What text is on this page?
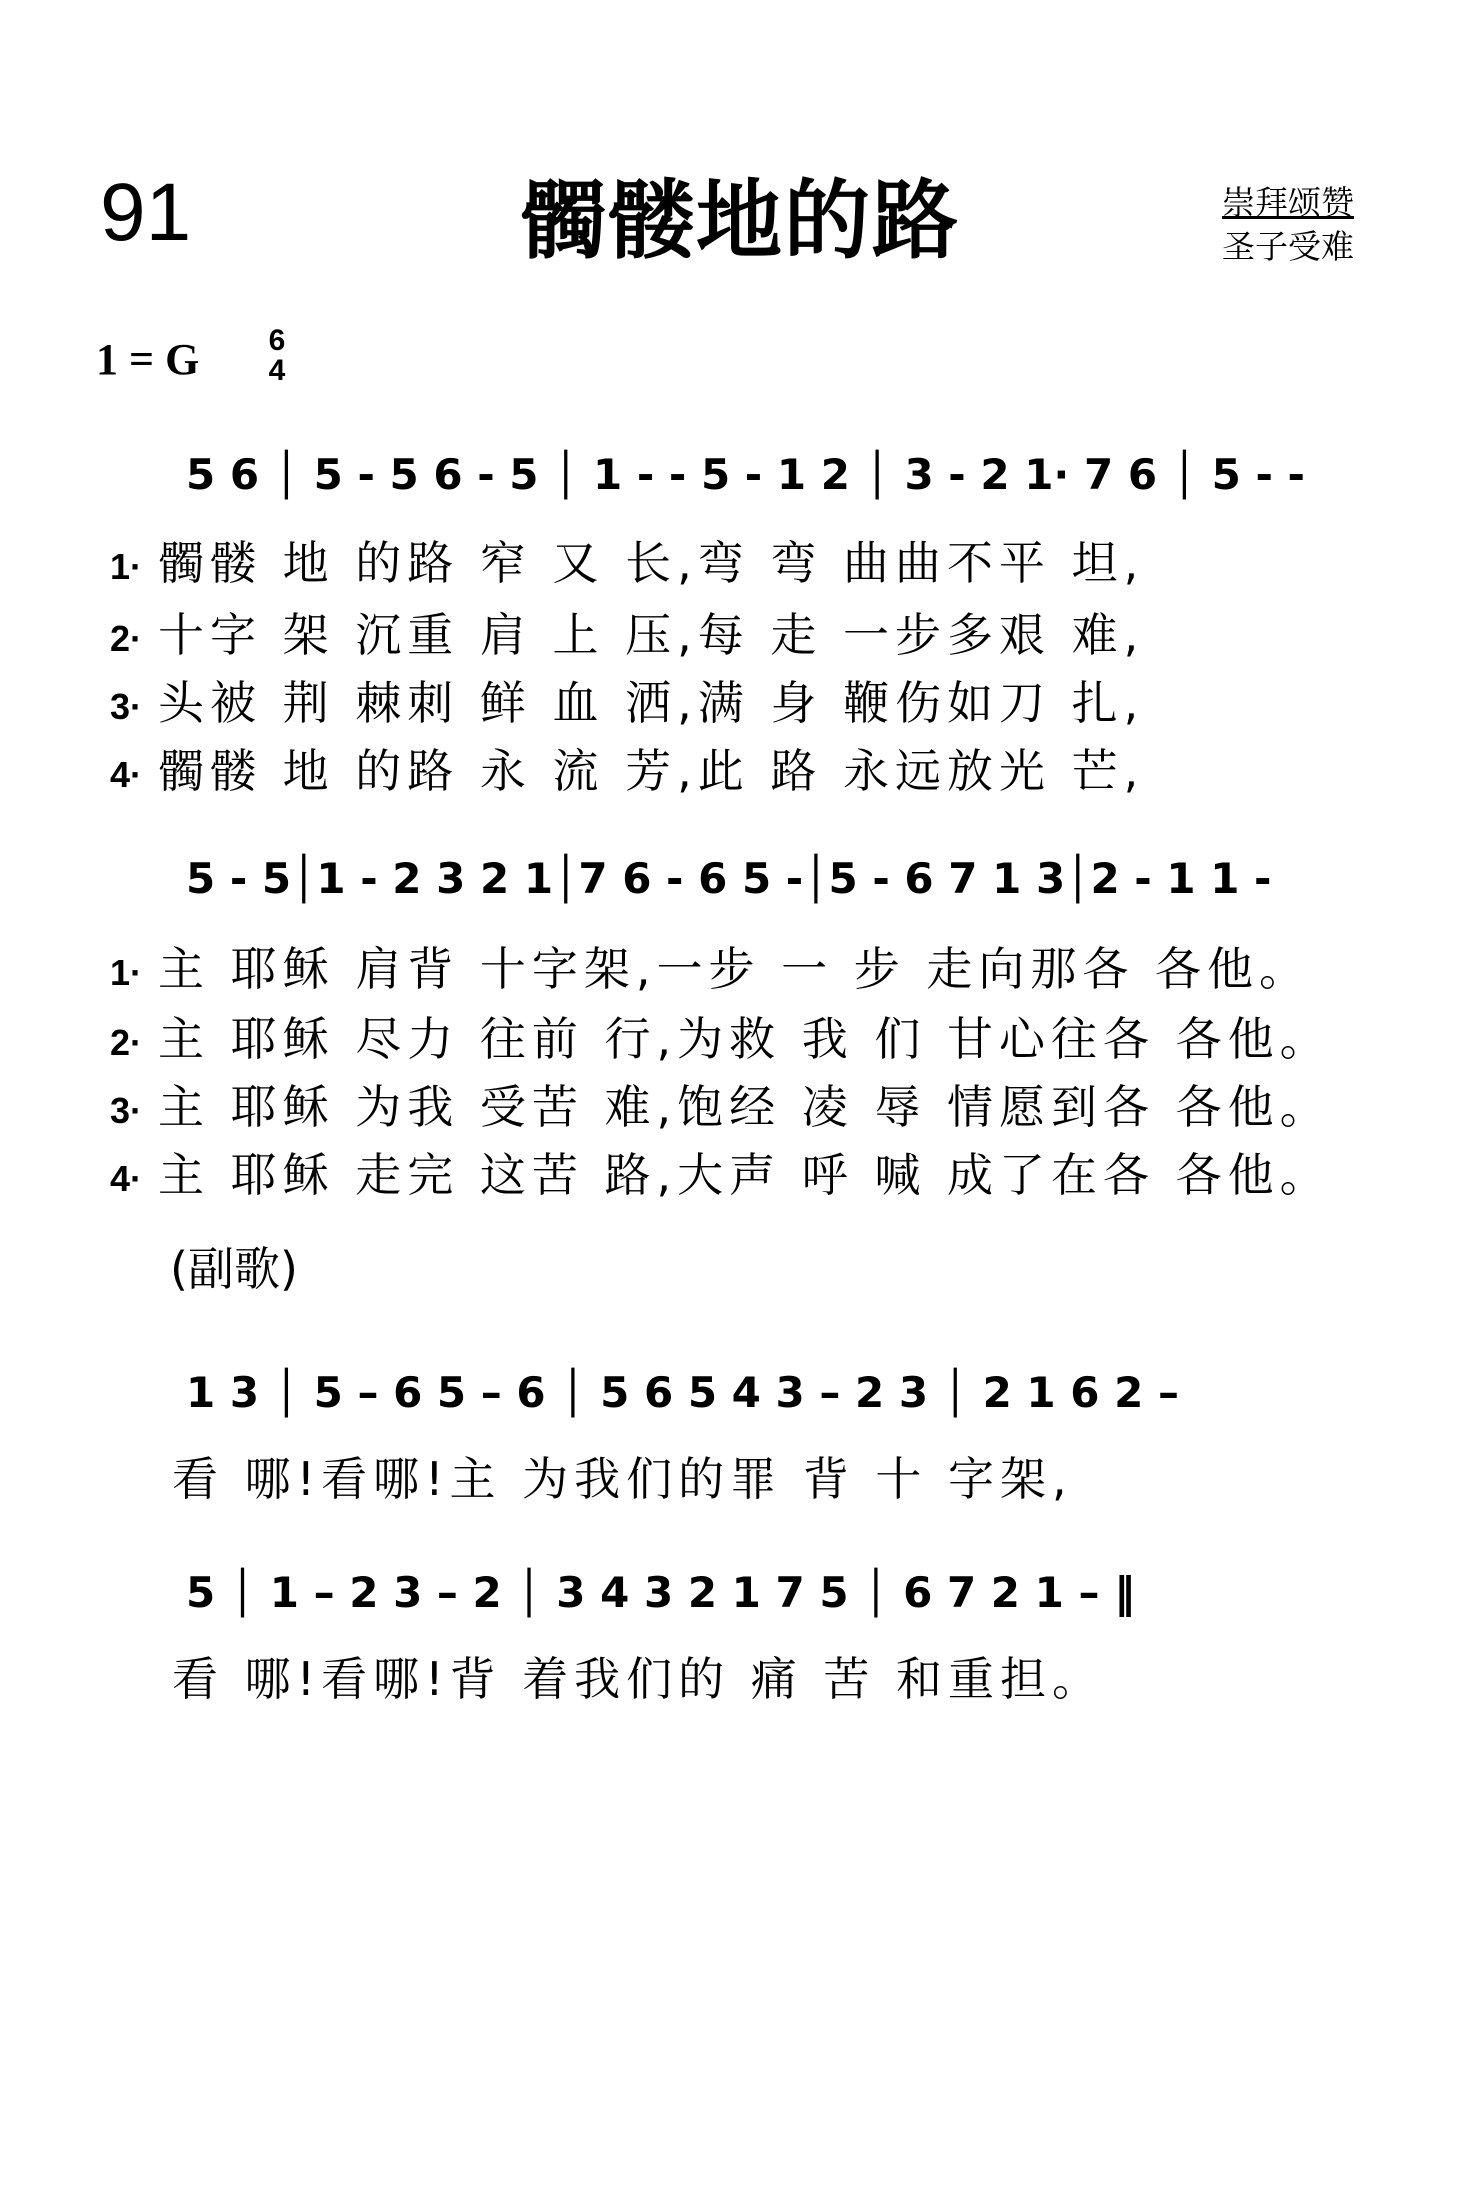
91	髑髅地的路	崇拜颂赞
圣子受难
1 = G 6
4
5 6 │ 5 - 5 6 - 5 │ 1 - - 5 - 1 2 │ 3 - 2 1· 7 6 │ 5 - -
1· 髑髅 地 的路 窄 又 长,弯 弯 曲曲不平 坦,
2· 十字 架 沉重 肩 上 压,每 走 一步多艰 难,
3· 头被 荆 棘刺 鲜 血 洒,满 身 鞭伤如刀 扎,
4· 髑髅 地 的路 永 流 芳,此 路 永远放光 芒,
5 - 5│1 - 2 3 2 1│7 6 - 6 5 -│5 - 6 7 1 3│2 - 1 1 -
1· 主 耶稣 肩背 十字架,一步 一 步 走向那各 各他。
2· 主 耶稣 尽力 往前 行,为救 我 们 甘心往各 各他。
3· 主 耶稣 为我 受苦 难,饱经 凌 辱 情愿到各 各他。
4· 主 耶稣 走完 这苦 路,大声 呼 喊 成了在各 各他。
(副歌)
1 3 │ 5 – 6 5 – 6 │ 5 6 5 4 3 – 2 3 │ 2 1 6 2 –
看 哪!看哪!主 为我们的罪 背 十 字架,
5 │ 1 – 2 3 – 2 │ 3 4 3 2 1 7 5 │ 6 7 2 1 – ‖
看 哪!看哪!背 着我们的 痛 苦 和重担。
